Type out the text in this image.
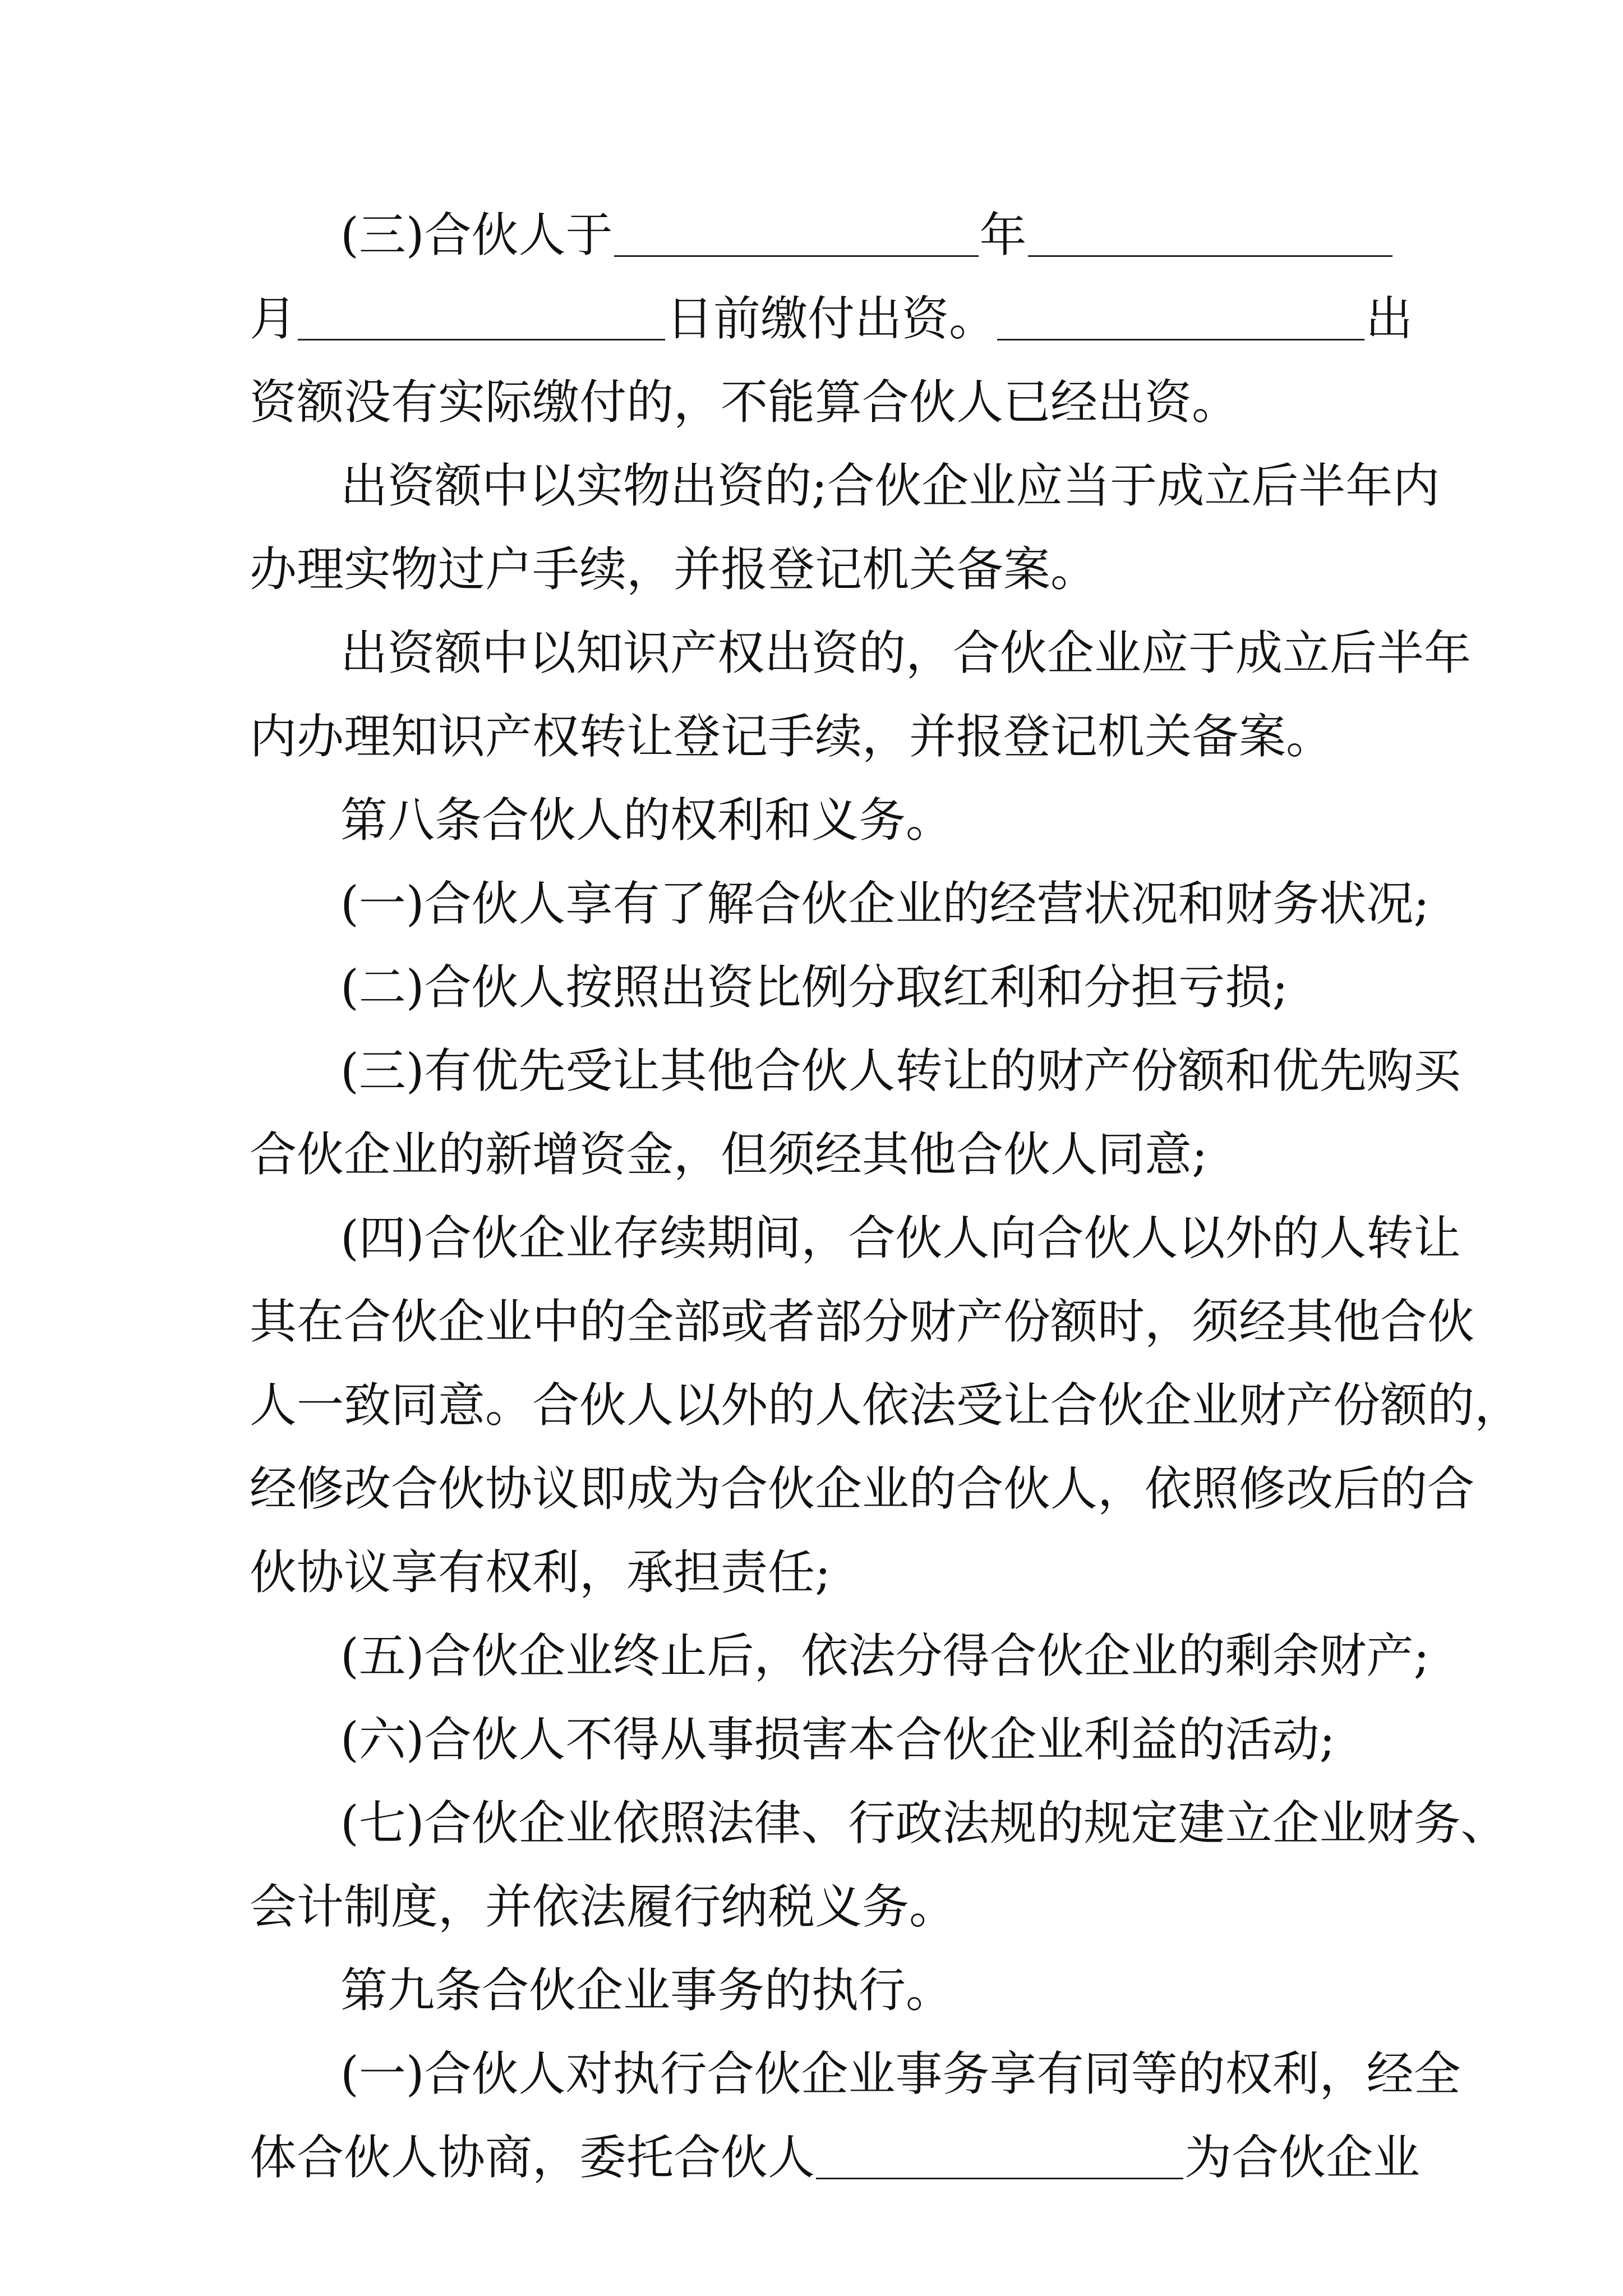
(三)合伙人于	年
月	日前缴付出资。	出
资额没有实际缴付的，不能算合伙人已经出资。
出资额中以实物出资的;合伙企业应当于成立后半年内
办理实物过户手续，并报登记机关备案。
出资额中以知识产权出资的，合伙企业应于成立后半年
内办理知识产权转让登记手续，并报登记机关备案。
第八条合伙人的权利和义务。
(一)合伙人享有了解合伙企业的经营状况和财务状况;
(二)合伙人按照出资比例分取红利和分担亏损;
(三)有优先受让其他合伙人转让的财产份额和优先购买
合伙企业的新增资金，但须经其他合伙人同意;
(四)合伙企业存续期间，合伙人向合伙人以外的人转让
其在合伙企业中的全部或者部分财产份额时，须经其他合伙
人一致同意。合伙人以外的人依法受让合伙企业财产份额的，
经修改合伙协议即成为合伙企业的合伙人，依照修改后的合
伙协议享有权利，承担责任;
(五)合伙企业终止后，依法分得合伙企业的剩余财产;
(六)合伙人不得从事损害本合伙企业利益的活动;
(七)合伙企业依照法律、行政法规的规定建立企业财务、
会计制度，并依法履行纳税义务。
第九条合伙企业事务的执行。
(一)合伙人对执行合伙企业事务享有同等的权利，经全
体合伙人协商，委托合伙人	为合伙企业
